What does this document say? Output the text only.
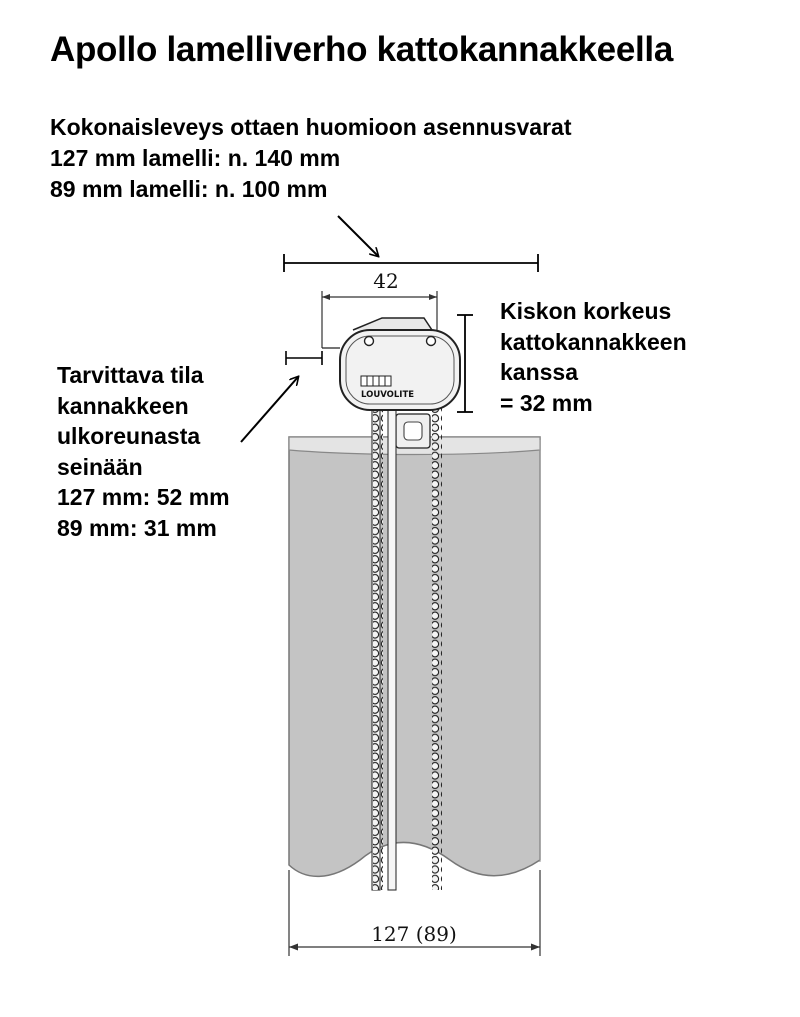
Apollo lamelliverho kattokannakkeella
Kokonaisleveys ottaen huomioon asennusvarat
127 mm lamelli: n. 140 mm
89 mm lamelli: n. 100 mm
Tarvittava tila
kannakkeen
ulkoreunasta
seinään
127 mm: 52 mm
89 mm: 31 mm
Kiskon korkeus
kattokannakkeen
kanssa
= 32 mm
42
LOUVOLITE
127 (89)
